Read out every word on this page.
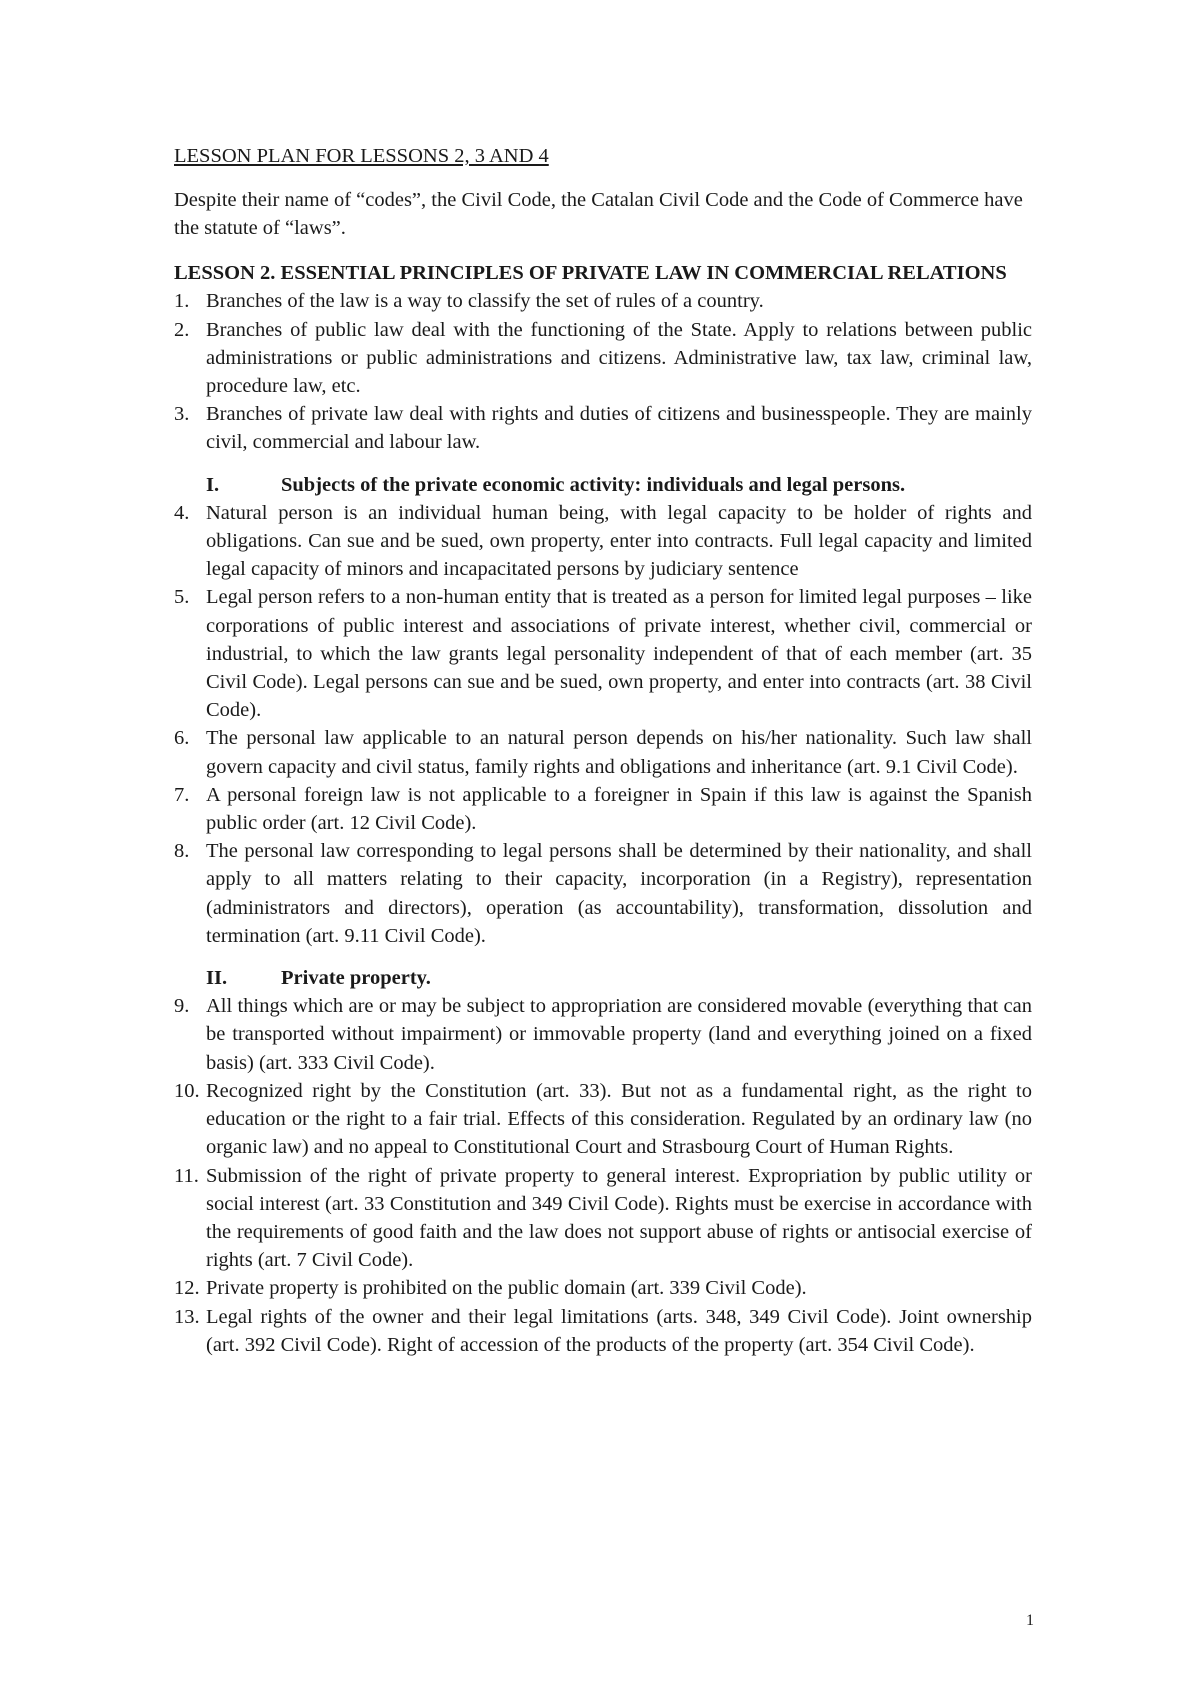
LESSON PLAN FOR LESSONS 2, 3 AND 4

Despite their name of “codes”, the Civil Code, the Catalan Civil Code and the Code of Commerce have the statute of “laws”.

LESSON 2. ESSENTIAL PRINCIPLES OF PRIVATE LAW IN COMMERCIAL RELATIONS

1. Branches of the law is a way to classify the set of rules of a country.
2. Branches of public law deal with the functioning of the State. Apply to relations between public administrations or public administrations and citizens. Administrative law, tax law, criminal law, procedure law, etc.
3. Branches of private law deal with rights and duties of citizens and businesspeople. They are mainly civil, commercial and labour law.

I.	Subjects of the private economic activity: individuals and legal persons.

4. Natural person is an individual human being, with legal capacity to be holder of rights and obligations. Can sue and be sued, own property, enter into contracts. Full legal capacity and limited legal capacity of minors and incapacitated persons by judiciary sentence
5. Legal person refers to a non-human entity that is treated as a person for limited legal purposes – like corporations of public interest and associations of private interest, whether civil, commercial or industrial, to which the law grants legal personality independent of that of each member (art. 35 Civil Code). Legal persons can sue and be sued, own property, and enter into contracts (art. 38 Civil Code).
6. The personal law applicable to an natural person depends on his/her nationality. Such law shall govern capacity and civil status, family rights and obligations and inheritance (art. 9.1 Civil Code).
7. A personal foreign law is not applicable to a foreigner in Spain if this law is against the Spanish public order (art. 12 Civil Code).
8. The personal law corresponding to legal persons shall be determined by their nationality, and shall apply to all matters relating to their capacity, incorporation (in a Registry), representation (administrators and directors), operation (as accountability), transformation, dissolution and termination (art. 9.11 Civil Code).

II.	Private property.

9. All things which are or may be subject to appropriation are considered movable (everything that can be transported without impairment) or immovable property (land and everything joined on a fixed basis) (art. 333 Civil Code).
10. Recognized right by the Constitution (art. 33). But not as a fundamental right, as the right to education or the right to a fair trial. Effects of this consideration. Regulated by an ordinary law (no organic law) and no appeal to Constitutional Court and Strasbourg Court of Human Rights.
11. Submission of the right of private property to general interest. Expropriation by public utility or social interest (art. 33 Constitution and 349 Civil Code). Rights must be exercise in accordance with the requirements of good faith and the law does not support abuse of rights or antisocial exercise of rights (art. 7 Civil Code).
12. Private property is prohibited on the public domain (art. 339 Civil Code).
13. Legal rights of the owner and their legal limitations (arts. 348, 349 Civil Code). Joint ownership (art. 392 Civil Code). Right of accession of the products of the property (art. 354 Civil Code).
1
